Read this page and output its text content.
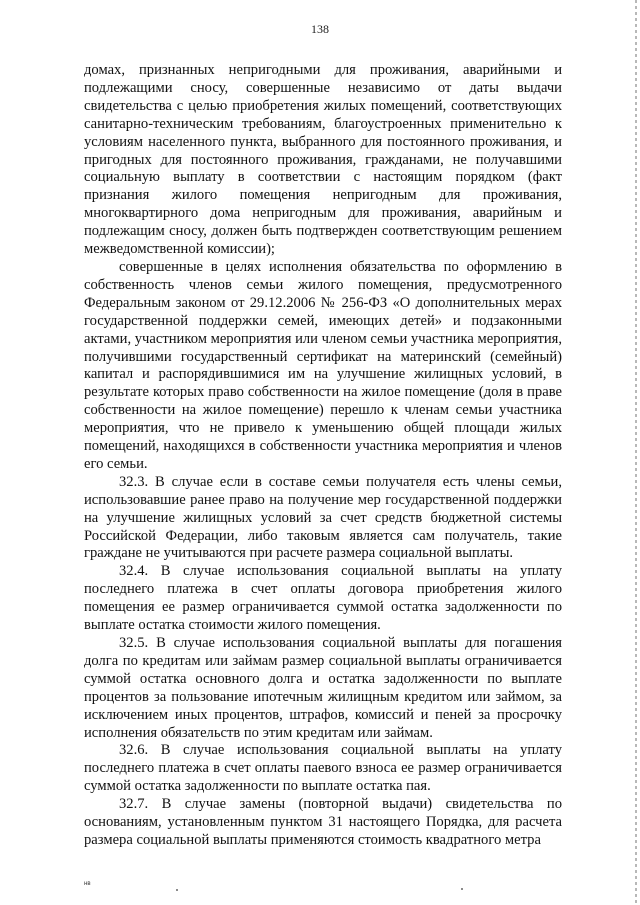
138

домах, признанных непригодными для проживания, аварийными и подлежащими сносу, совершенные независимо от даты выдачи свидетельства с целью приобретения жилых помещений, соответствующих санитарно-техническим требованиям, благоустроенных применительно к условиям населенного пункта, выбранного для постоянного проживания, и пригодных для постоянного проживания, гражданами, не получавшими социальную выплату в соответствии с настоящим порядком (факт признания жилого помещения непригодным для проживания, многоквартирного дома непригодным для проживания, аварийным и подлежащим сносу, должен быть подтвержден соответствующим решением межведомственной комиссии);

совершенные в целях исполнения обязательства по оформлению в собственность членов семьи жилого помещения, предусмотренного Федеральным законом от 29.12.2006 № 256-ФЗ «О дополнительных мерах государственной поддержки семей, имеющих детей» и подзаконными актами, участником мероприятия или членом семьи участника мероприятия, получившими государственный сертификат на материнский (семейный) капитал и распорядившимися им на улучшение жилищных условий, в результате которых право собственности на жилое помещение (доля в праве собственности на жилое помещение) перешло к членам семьи участника мероприятия, что не привело к уменьшению общей площади жилых помещений, находящихся в собственности участника мероприятия и членов его семьи.

32.3. В случае если в составе семьи получателя есть члены семьи, использовавшие ранее право на получение мер государственной поддержки на улучшение жилищных условий за счет средств бюджетной системы Российской Федерации, либо таковым является сам получатель, такие граждане не учитываются при расчете размера социальной выплаты.

32.4. В случае использования социальной выплаты на уплату последнего платежа в счет оплаты договора приобретения жилого помещения ее размер ограничивается суммой остатка задолженности по выплате остатка стоимости жилого помещения.

32.5. В случае использования социальной выплаты для погашения долга по кредитам или займам размер социальной выплаты ограничивается суммой остатка основного долга и остатка задолженности по выплате процентов за пользование ипотечным жилищным кредитом или займом, за исключением иных процентов, штрафов, комиссий и пеней за просрочку исполнения обязательств по этим кредитам или займам.

32.6. В случае использования социальной выплаты на уплату последнего платежа в счет оплаты паевого взноса ее размер ограничивается суммой остатка задолженности по выплате остатка пая.

32.7. В случае замены (повторной выдачи) свидетельства по основаниям, установленным пунктом 31 настоящего Порядка, для расчета размера социальной выплаты применяются стоимость квадратного метра

нв
